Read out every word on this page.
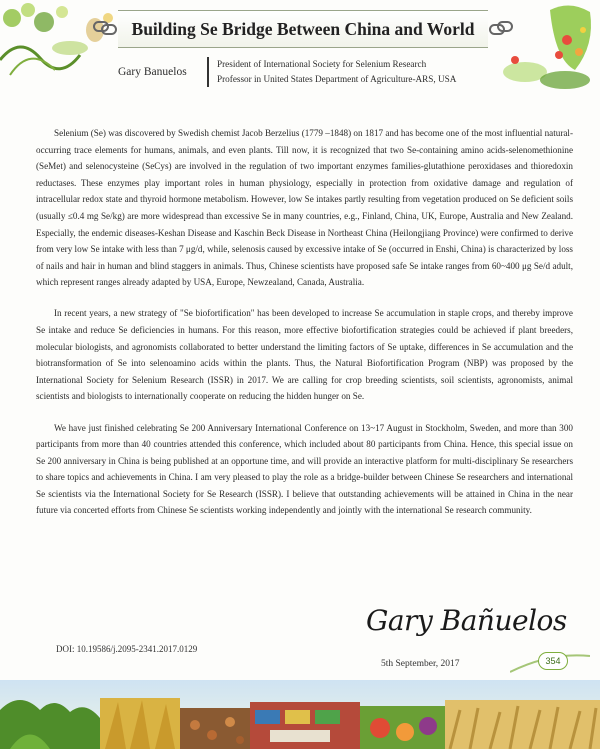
Building Se Bridge Between China and World
Gary Banuelos
President of International Society for Selenium Research
Professor in United States Department of Agriculture-ARS, USA

Selenium (Se) was discovered by Swedish chemist Jacob Berzelius (1779 –1848) on 1817 and has become one of the most influential natural-occurring trace elements for humans, animals, and even plants. Till now, it is recognized that two Se-containing amino acids-selenomethionine (SeMet) and selenocysteine (SeCys) are involved in the regulation of two important enzymes families-glutathione peroxidases and thioredoxin reductases. These enzymes play important roles in human physiology, especially in protection from oxidative damage and regulation of intracellular redox state and thyroid hormone metabolism. However, low Se intakes partly resulting from vegetation produced on Se deficient soils (usually ≤0.4 mg Se/kg) are more widespread than excessive Se in many countries, e.g., Finland, China, UK, Europe, Australia and New Zealand. Especially, the endemic diseases-Keshan Disease and Kaschin Beck Disease in Northeast China (Heilongjiang Province) were confirmed to derive from very low Se intake with less than 7 μg/d, while, selenosis caused by excessive intake of Se (occurred in Enshi, China) is characterized by loss of nails and hair in human and blind staggers in animals. Thus, Chinese scientists have proposed safe Se intake ranges from 60~400 μg Se/d adult, which represent ranges already adapted by USA, Europe, Newzealand, Canada, Australia.

In recent years, a new strategy of "Se biofortification" has been developed to increase Se accumulation in staple crops, and thereby improve Se intake and reduce Se deficiencies in humans. For this reason, more effective biofortification strategies could be achieved if plant breeders, molecular biologists, and agronomists collaborated to better understand the limiting factors of Se uptake, differences in Se accumulation and the biotransformation of Se into selenoamino acids within the plants. Thus, the Natural Biofortification Program (NBP) was proposed by the International Society for Selenium Research (ISSR) in 2017. We are calling for crop breeding scientists, soil scientists, agronomists, animal scientists and biologists to internationally cooperate on reducing the hidden hunger on Se.

We have just finished celebrating Se 200 Anniversary International Conference on 13~17 August in Stockholm, Sweden, and more than 300 participants from more than 40 countries attended this conference, which included about 80 participants from China. Hence, this special issue on Se 200 anniversary in China is being published at an opportune time, and will provide an interactive platform for multi-disciplinary Se researchers to share topics and achievements in China. I am very pleased to play the role as a bridge-builder between Chinese Se researchers and international Se scientists via the International Society for Se Research (ISSR). I believe that outstanding achievements will be attained in China in the near future via concerted efforts from Chinese Se scientists working independently and jointly with the international Se research community.

Gary Bañuelos
DOI: 10.19586/j.2095-2341.2017.0129
5th September, 2017	354
